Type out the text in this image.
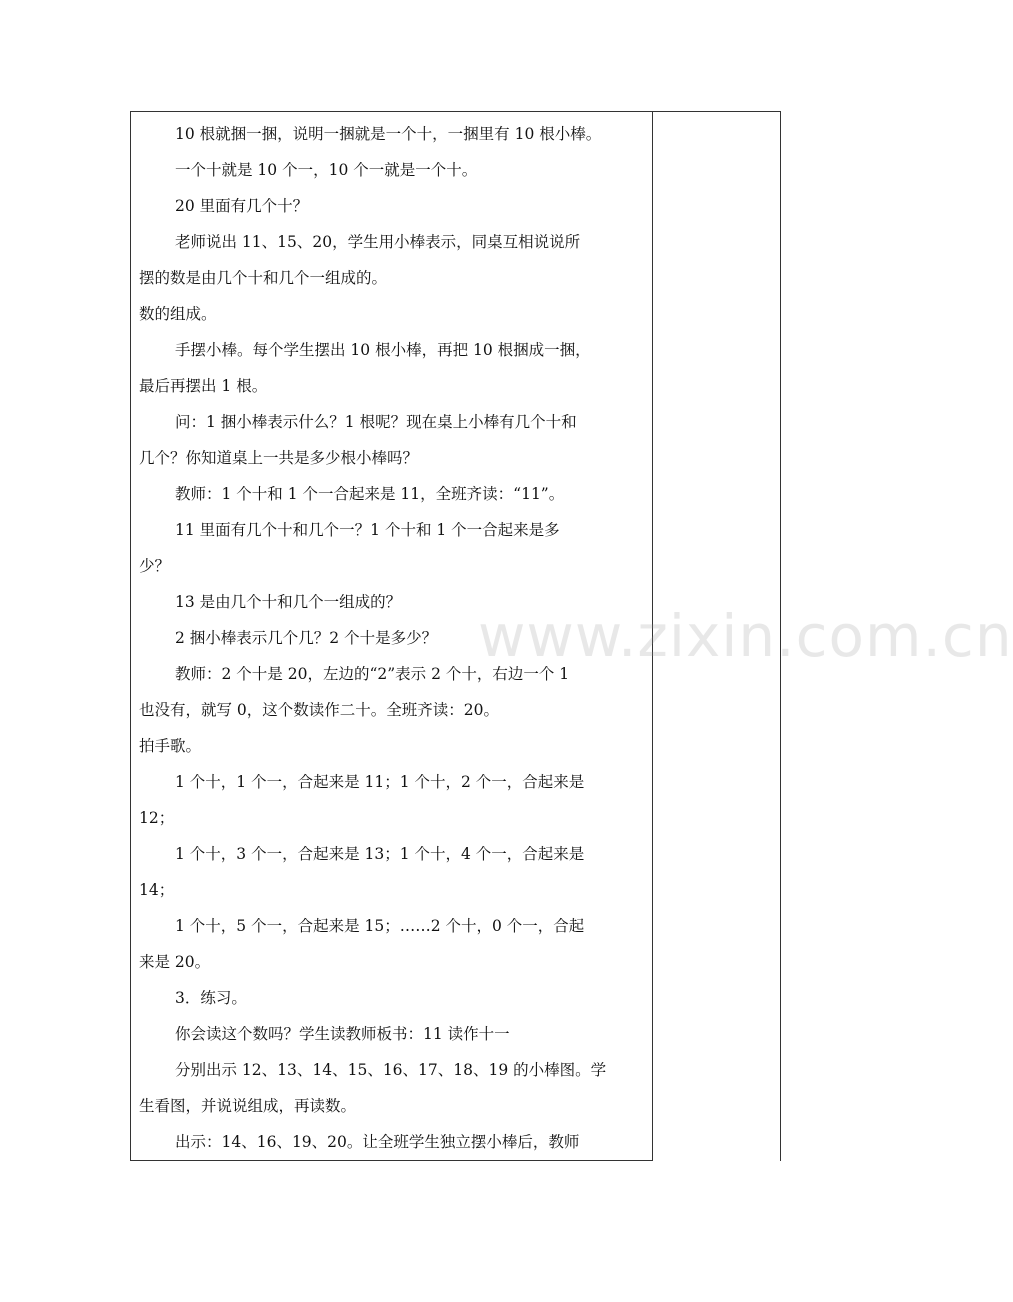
10 根就捆一捆，说明一捆就是一个十，一捆里有 10 根小棒。

一个十就是 10 个一，10 个一就是一个十。

20 里面有几个十？

老师说出 11、15、20，学生用小棒表示，同桌互相说说所

摆的数是由几个十和几个一组成的。

数的组成。

手摆小棒。每个学生摆出 10 根小棒，再把 10 根捆成一捆，

最后再摆出 1 根。

问：1 捆小棒表示什么？1 根呢？现在桌上小棒有几个十和

几个？你知道桌上一共是多少根小棒吗？

教师：1 个十和 1 个一合起来是 11，全班齐读：“11”。

11 里面有几个十和几个一？1 个十和 1 个一合起来是多

少？

13 是由几个十和几个一组成的？

2 捆小棒表示几个几？2 个十是多少？

教师：2 个十是 20，左边的“2”表示 2 个十，右边一个 1

也没有，就写 0，这个数读作二十。全班齐读：20。

拍手歌。

1 个十，1 个一，合起来是 11；1 个十，2 个一，合起来是

12；

1 个十，3 个一，合起来是 13；1 个十，4 个一，合起来是

14；

1 个十，5 个一，合起来是 15；……2 个十，0 个一，合起

来是 20。

3．练习。

你会读这个数吗？学生读教师板书：11 读作十一

分别出示 12、13、14、15、16、17、18、19 的小棒图。学

生看图，并说说组成，再读数。

出示：14、16、19、20。让全班学生独立摆小棒后，教师

www.zixin.com.cn
